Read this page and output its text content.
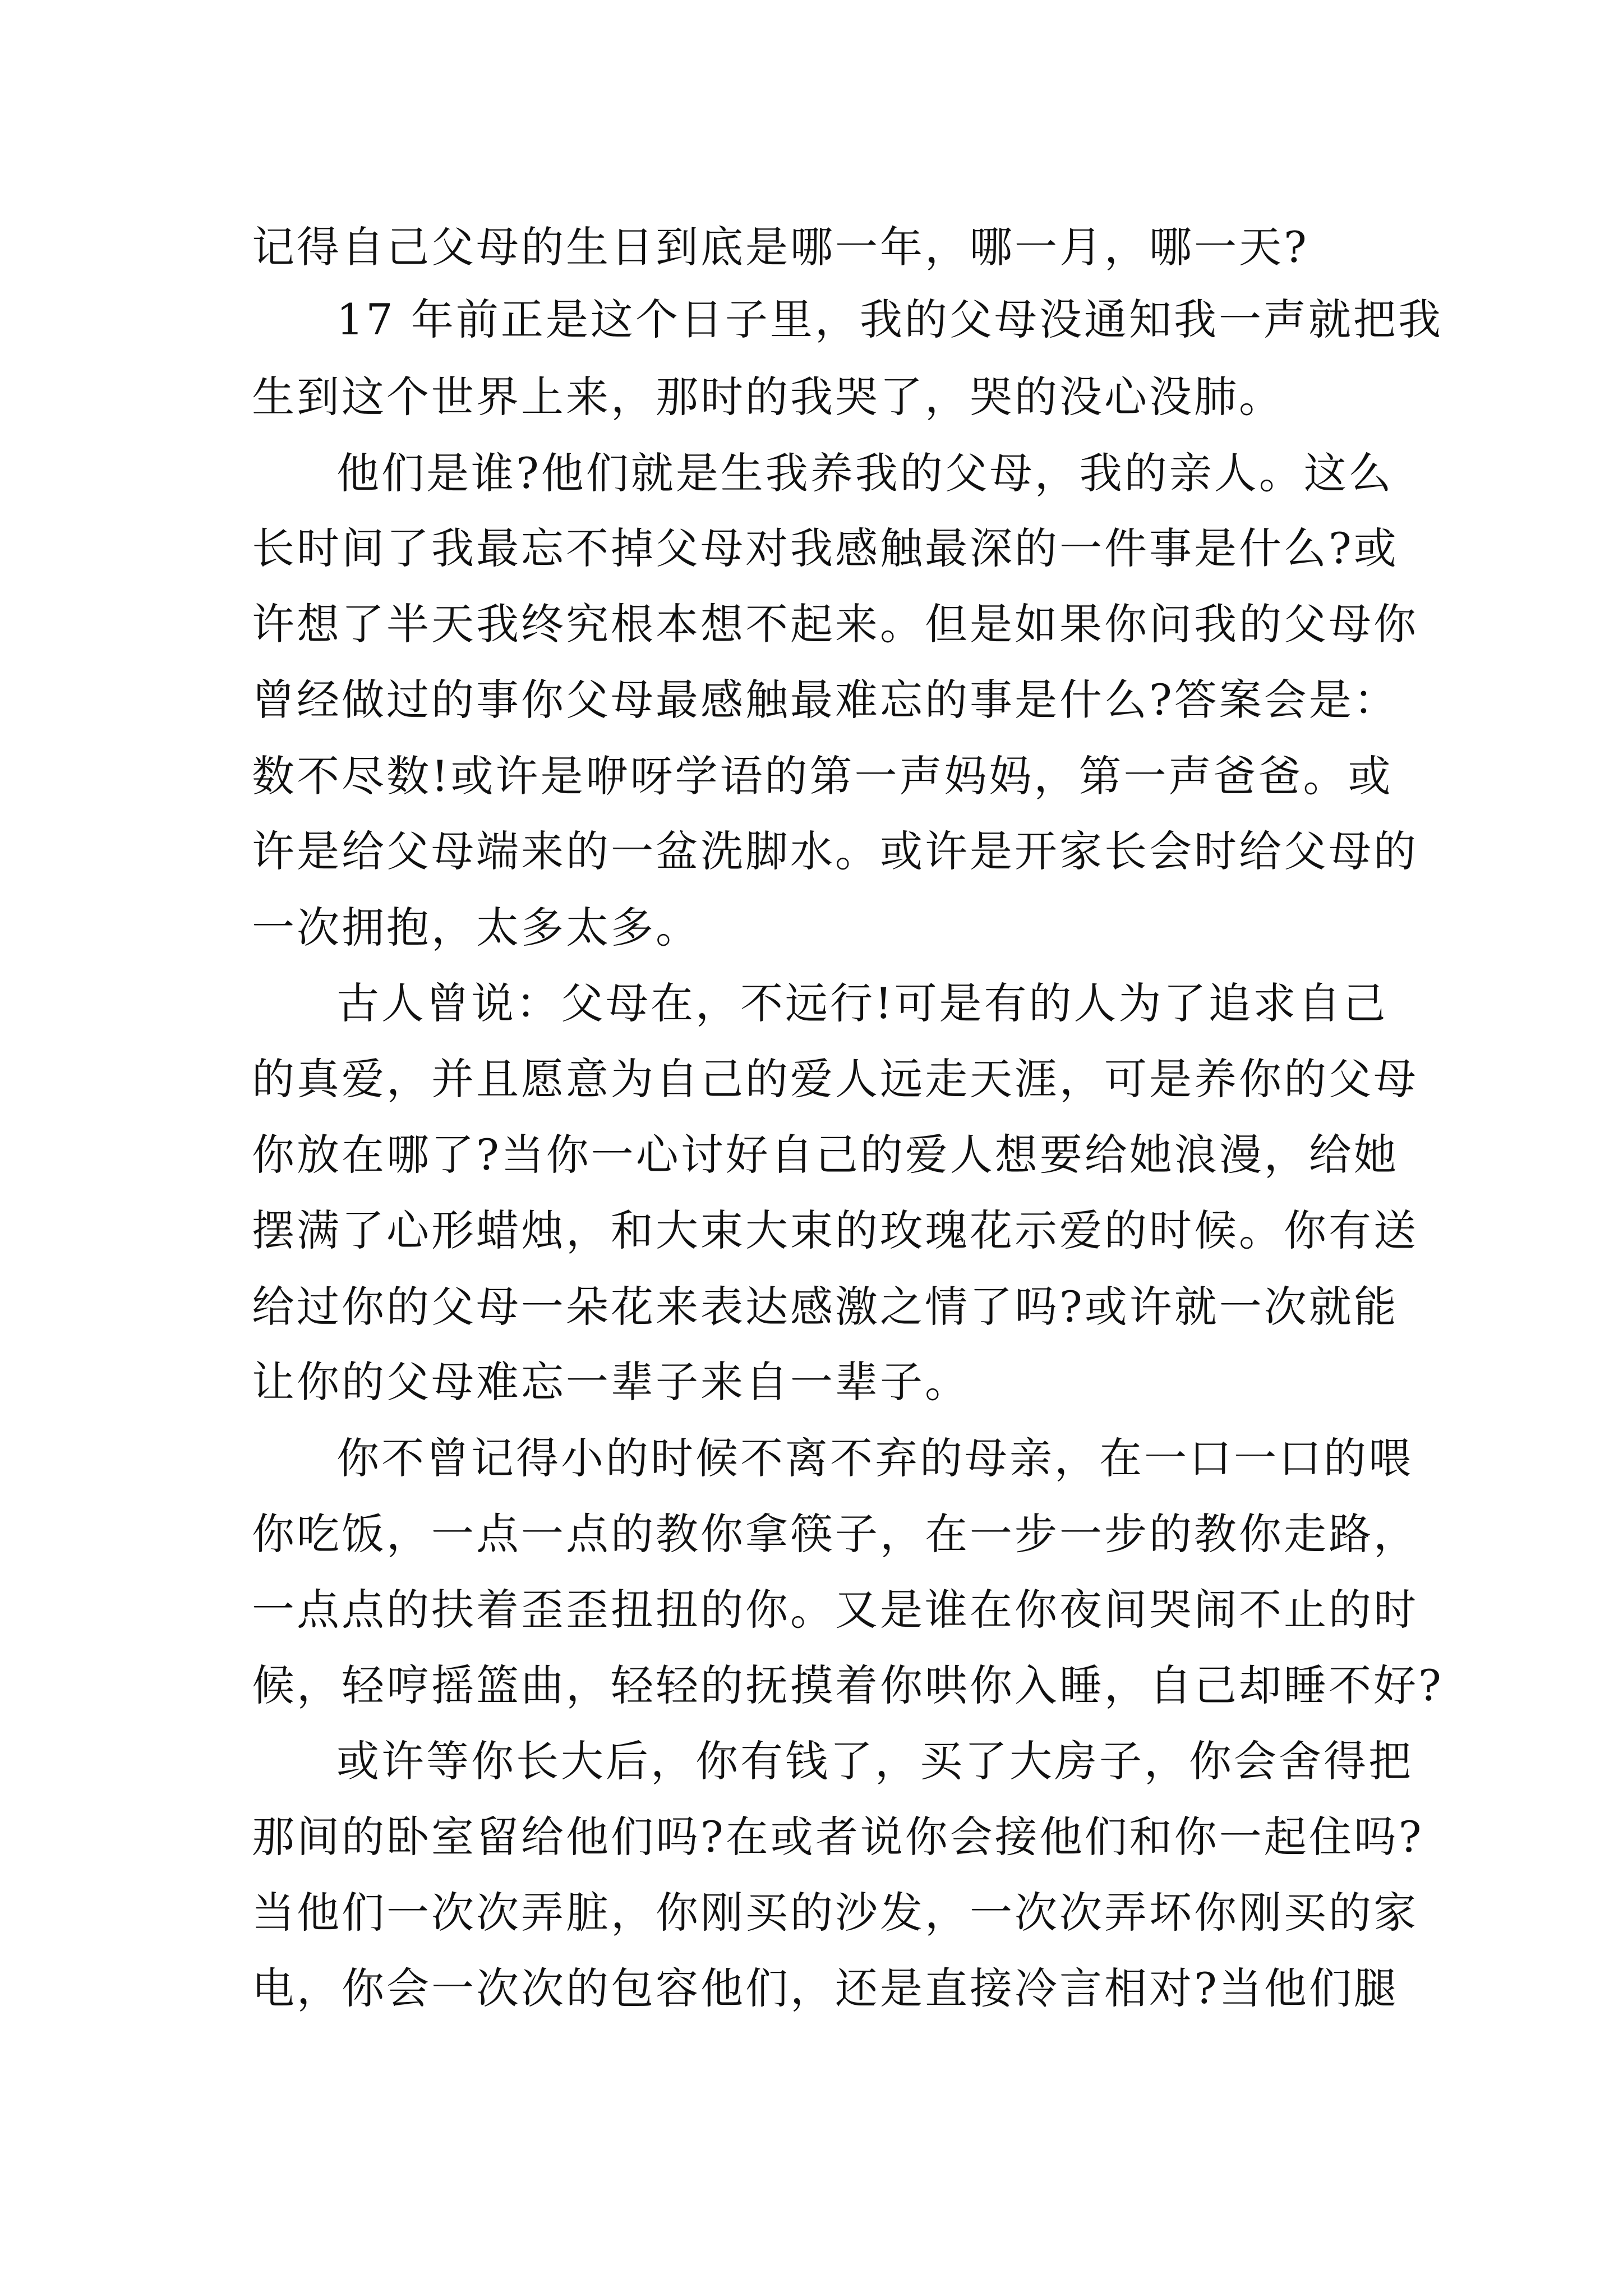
记得自己父母的生日到底是哪一年，哪一月，哪一天?
17 年前正是这个日子里，我的父母没通知我一声就把我
生到这个世界上来，那时的我哭了，哭的没心没肺。
他们是谁?他们就是生我养我的父母，我的亲人。这么
长时间了我最忘不掉父母对我感触最深的一件事是什么?或
许想了半天我终究根本想不起来。但是如果你问我的父母你
曾经做过的事你父母最感触最难忘的事是什么?答案会是：
数不尽数!或许是咿呀学语的第一声妈妈，第一声爸爸。或
许是给父母端来的一盆洗脚水。或许是开家长会时给父母的
一次拥抱，太多太多。
古人曾说：父母在，不远行!可是有的人为了追求自己
的真爱，并且愿意为自己的爱人远走天涯，可是养你的父母
你放在哪了?当你一心讨好自己的爱人想要给她浪漫，给她
摆满了心形蜡烛，和大束大束的玫瑰花示爱的时候。你有送
给过你的父母一朵花来表达感激之情了吗?或许就一次就能
让你的父母难忘一辈子来自一辈子。
你不曾记得小的时候不离不弃的母亲，在一口一口的喂
你吃饭，一点一点的教你拿筷子，在一步一步的教你走路，
一点点的扶着歪歪扭扭的你。又是谁在你夜间哭闹不止的时
候，轻哼摇篮曲，轻轻的抚摸着你哄你入睡，自己却睡不好?
或许等你长大后，你有钱了，买了大房子，你会舍得把
那间的卧室留给他们吗?在或者说你会接他们和你一起住吗?
当他们一次次弄脏，你刚买的沙发，一次次弄坏你刚买的家
电，你会一次次的包容他们，还是直接冷言相对?当他们腿
